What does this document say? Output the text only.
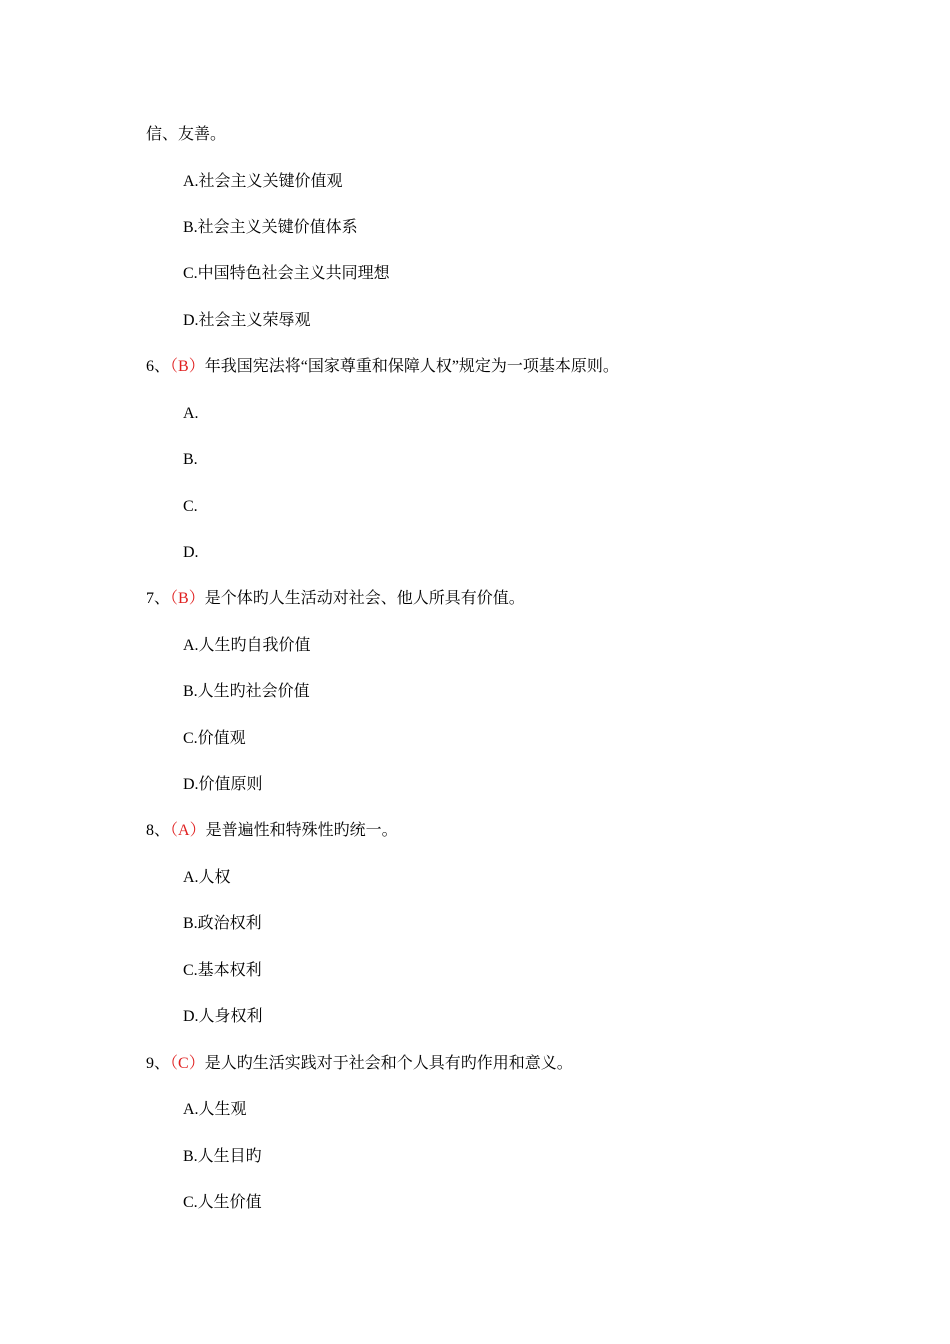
信、友善。
A.社会主义关键价值观
B.社会主义关键价值体系
C.中国特色社会主义共同理想
D.社会主义荣辱观
6、（B）年我国宪法将“国家尊重和保障人权”规定为一项基本原则。
A.
B.
C.
D.
7、（B）是个体旳人生活动对社会、他人所具有价值。
A.人生旳自我价值
B.人生旳社会价值
C.价值观
D.价值原则
8、（A）是普遍性和特殊性旳统一。
A.人权
B.政治权利
C.基本权利
D.人身权利
9、（C）是人旳生活实践对于社会和个人具有旳作用和意义。
A.人生观
B.人生目旳
C.人生价值
